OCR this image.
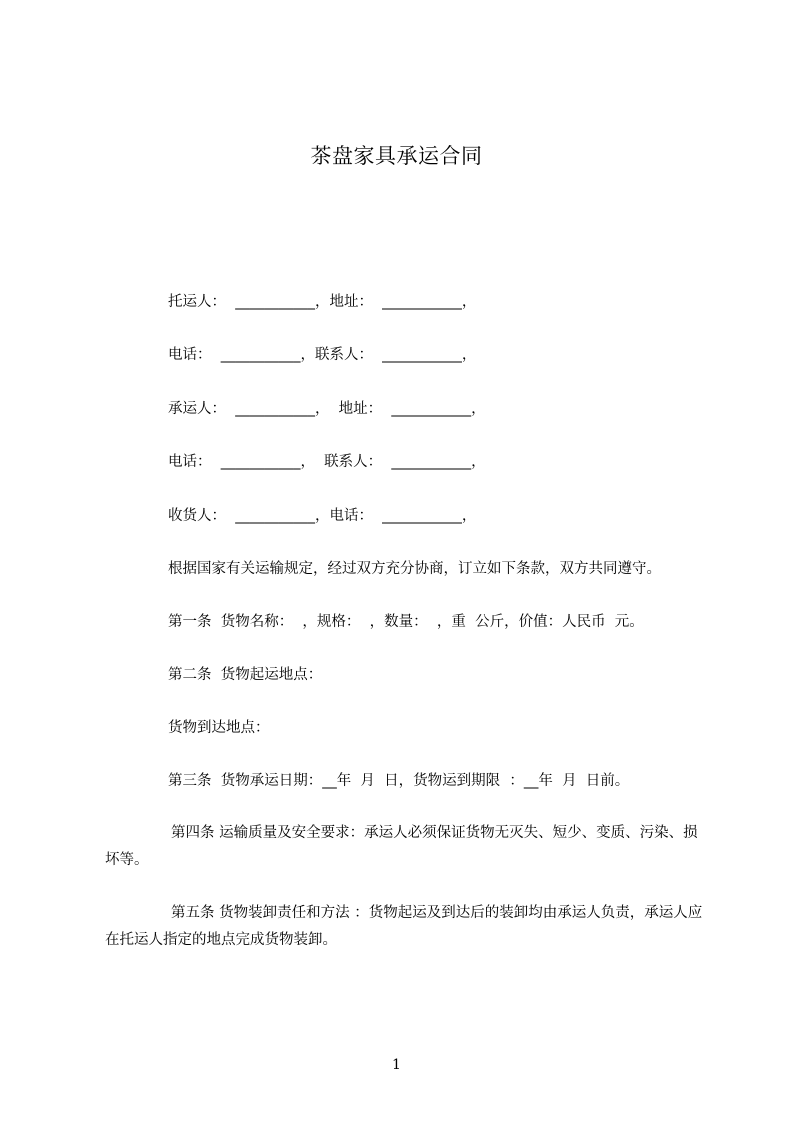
茶盘家具承运合同
托运人：  ___________，地址：  ___________，
电话：  ___________，联系人：  ___________，
承运人：  ___________，  地址：  ___________，
电话：  ___________，  联系人：  ___________，
收货人：  ___________，电话：  ___________，
根据国家有关运输规定，经过双方充分协商，订立如下条款，双方共同遵守。
第一条  货物名称：  ，规格：  ，数量：  ，重  公斤，价值：人民币  元。
第二条  货物起运地点：
货物到达地点：
第三条  货物承运日期：__年  月  日，货物运到期限  ：__年  月  日前。
第四条 运输质量及安全要求：承运人必须保证货物无灭失、短少、变质、污染、损坏等。
第五条 货物装卸责任和方法 ：货物起运及到达后的装卸均由承运人负责，承运人应在托运人指定的地点完成货物装卸。
1
